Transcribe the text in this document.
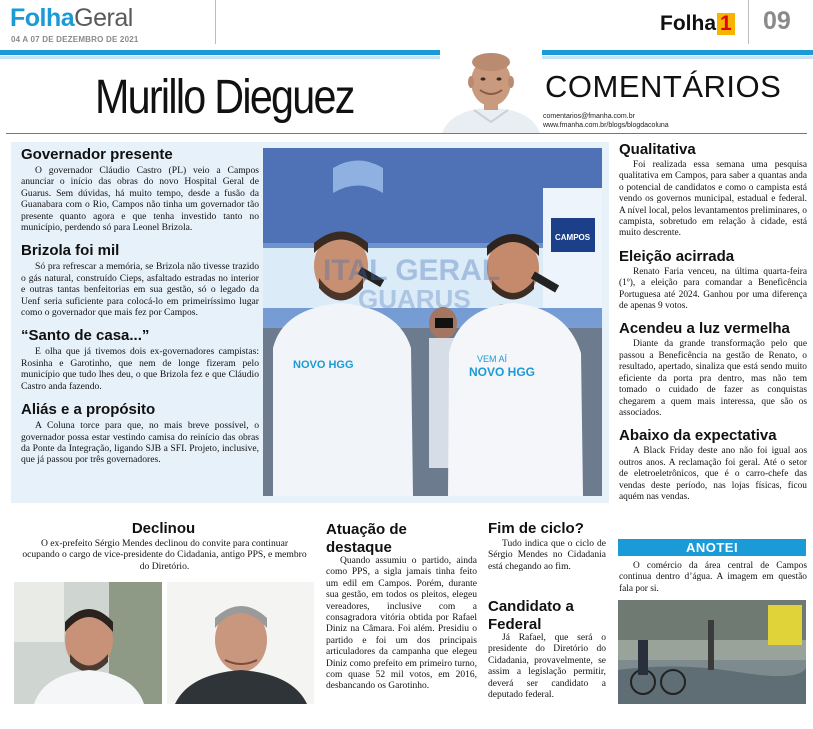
FolhaGeral
04 A 07 DE DEZEMBRO DE 2021
Folha 1 09
Murillo Dieguez	COMENTÁRIOS
comentarios@fmanha.com.br
www.fmanha.com.br/blogs/blogdacoluna
Governador presente

O governador Cláudio Castro (PL) veio a Campos anunciar o início das obras do novo Hospital Geral de Guarus. Sem dúvidas, há muito tempo, desde a fusão da Guanabara com o Rio, Campos não tinha um governador tão presente quanto agora e que tenha investido tanto no município, perdendo só para Leonel Brizola.

Brizola foi mil

Só pra refrescar a memória, se Brizola não tivesse trazido o gás natural, construído Cieps, asfaltado estradas no interior e outras tantas benfeitorias em sua gestão, só o legado da Uenf seria suficiente para colocá-lo em primeiríssimo lugar como o governador que mais fez por Campos.

“Santo de casa...”

E olha que já tivemos dois ex-governadores campistas: Rosinha e Garotinho, que nem de longe fizeram pelo município que tudo lhes deu, o que Brizola fez e que Cláudio Castro anda fazendo.

Aliás e a propósito

A Coluna torce para que, no mais breve possível, o governador possa estar vestindo camisa do reinício das obras da Ponte da Integração, ligando SJB a SFI. Projeto, inclusive, que já passou por três governadores.

VEM AÍ
NOVO HGG
NOVO HGG
ITAL GERAL
GUARUS
CAMPOS
Qualitativa

Foi realizada essa semana uma pesquisa qualitativa em Campos, para saber a quantas anda o potencial de candidatos e como o campista está vendo os governos municipal, estadual e federal. A nível local, pelos levantamentos preliminares, o campista, sobretudo em relação à cidade, está muito descrente.

Eleição acirrada

Renato Faria venceu, na última quarta-feira (1º), a eleição para comandar a Beneficência Portuguesa até 2024. Ganhou por uma diferença de apenas 9 votos.

Acendeu a luz vermelha

Diante da grande transformação pelo que passou a Beneficência na gestão de Renato, o resultado, apertado, sinaliza que está sendo muito eficiente da porta pra dentro, mas não tem tomado o cuidado de fazer as conquistas chegarem a quem mais interessa, que são os associados.

Abaixo da expectativa

A Black Friday deste ano não foi igual aos outros anos. A reclamação foi geral. Até o setor de eletroeletrônicos, que é o carro-chefe das vendas deste período, nas lojas físicas, ficou aquém nas vendas.

ANOTEI

O comércio da área central de Campos continua dentro d’água. A imagem em questão fala por si.

Declinou

O ex-prefeito Sérgio Mendes declinou do convite para continuar ocupando o cargo de vice-presidente do Cidadania, antigo PPS, e membro do Diretório.

Atuação de destaque

Quando assumiu o partido, ainda como PPS, a sigla jamais tinha feito um edil em Campos. Porém, durante sua gestão, em todos os pleitos, elegeu vereadores, inclusive com a consagradora vitória obtida por Rafael Diniz na Câmara. Foi além. Presidiu o partido e foi um dos principais articuladores da campanha que elegeu Diniz como prefeito em primeiro turno, com quase 52 mil votos, em 2016, desbancando os Garotinho.

Fim de ciclo?

Tudo indica que o ciclo de Sérgio Mendes no Cidadania está chegando ao fim.

Candidato a Federal

Já Rafael, que será o presidente do Diretório do Cidadania, provavelmente, se assim a legislação permitir, deverá ser candidato a deputado federal.
